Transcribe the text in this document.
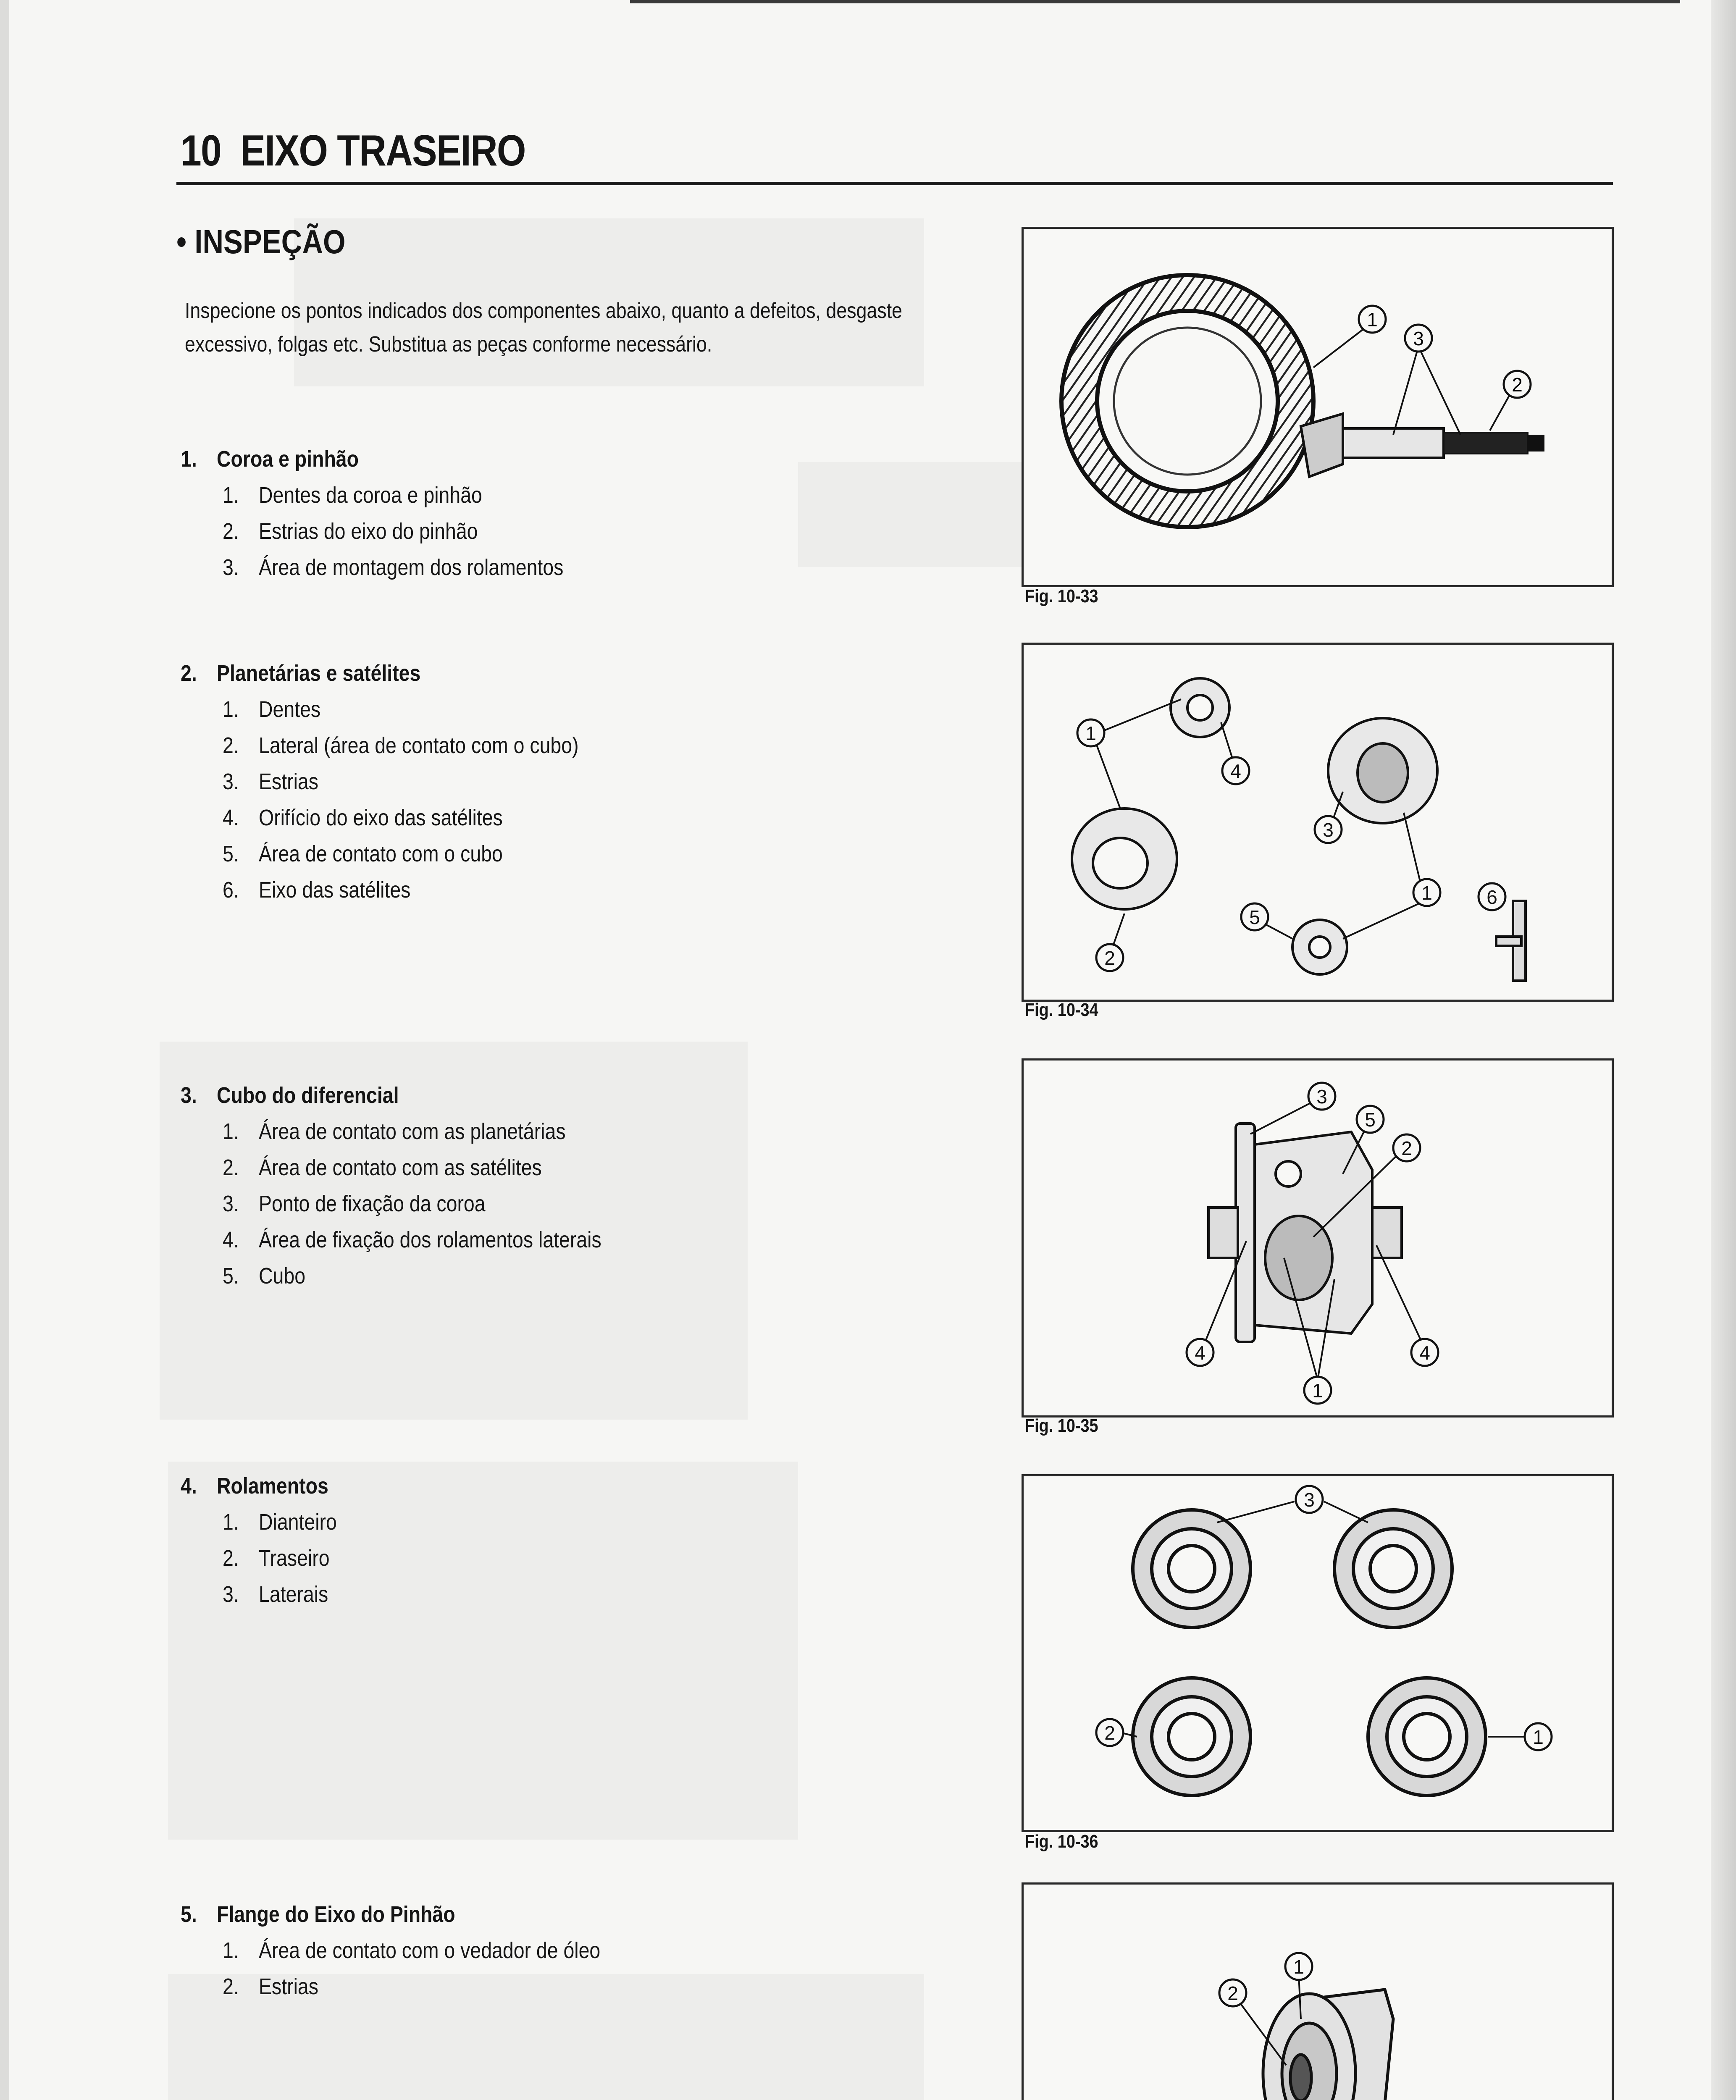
10 EIXO TRASEIRO
• INSPEÇÃO
Inspecione os pontos indicados dos componentes abaixo, quanto a defeitos, desgaste excessivo, folgas etc. Substitua as peças conforme necessário.
1. Coroa e pinhão
1. Dentes da coroa e pinhão
2. Estrias do eixo do pinhão
3. Área de montagem dos rolamentos
2. Planetárias e satélites
1. Dentes
2. Lateral (área de contato com o cubo)
3. Estrias
4. Orifício do eixo das satélites
5. Área de contato com o cubo
6. Eixo das satélites
3. Cubo do diferencial
1. Área de contato com as planetárias
2. Área de contato com as satélites
3. Ponto de fixação da coroa
4. Área de fixação dos rolamentos laterais
5. Cubo
4. Rolamentos
1. Dianteiro
2. Traseiro
3. Laterais
5. Flange do Eixo do Pinhão
1. Área de contato com o vedador de óleo
2. Estrias
1
3
2
Fig. 10-33
1
4
3
1	6
5
2
Fig. 10-34
3
5
2
4	4
1
Fig. 10-35
3
2	1
Fig. 10-36
1
2
